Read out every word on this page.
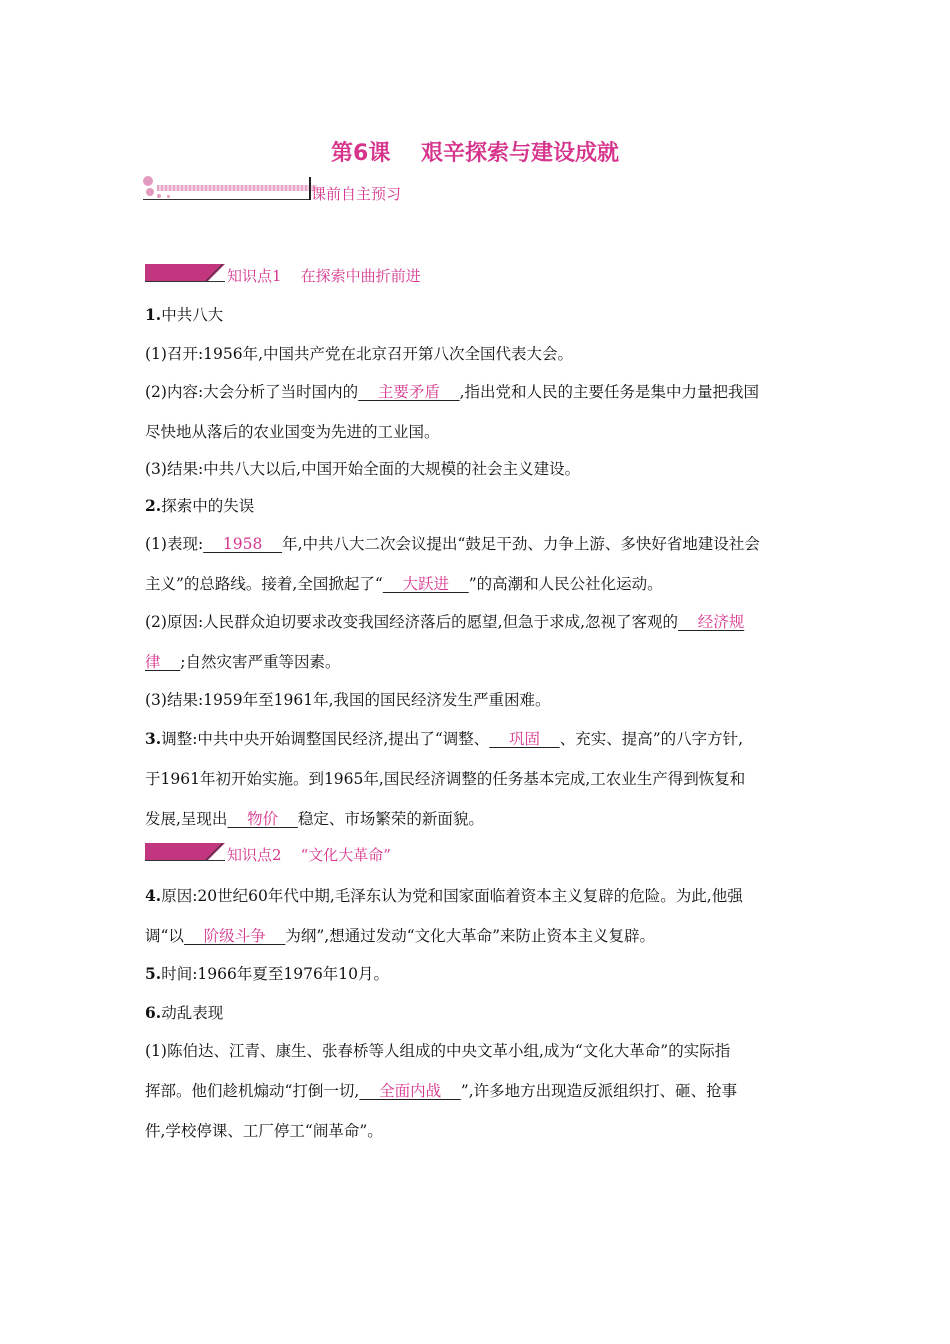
第6课    艰辛探索与建设成就
课前自主预习
知识点1    在探索中曲折前进
1.中共八大
(1)召开:1956年,中国共产党在北京召开第八次全国代表大会。
(2)内容:大会分析了当时国内的    主要矛盾    ,指出党和人民的主要任务是集中力量把我国
尽快地从落后的农业国变为先进的工业国。
(3)结果:中共八大以后,中国开始全面的大规模的社会主义建设。
2.探索中的失误
(1)表现:    1958    年,中共八大二次会议提出“鼓足干劲、力争上游、多快好省地建设社会
主义”的总路线。接着,全国掀起了“    大跃进    ”的高潮和人民公社化运动。
(2)原因:人民群众迫切要求改变我国经济落后的愿望,但急于求成,忽视了客观的    经济规
律    ;自然灾害严重等因素。
(3)结果:1959年至1961年,我国的国民经济发生严重困难。
3.调整:中共中央开始调整国民经济,提出了“调整、    巩固    、充实、提高”的八字方针,
于1961年初开始实施。到1965年,国民经济调整的任务基本完成,工农业生产得到恢复和
发展,呈现出    物价    稳定、市场繁荣的新面貌。
知识点2    “文化大革命”
4.原因:20世纪60年代中期,毛泽东认为党和国家面临着资本主义复辟的危险。为此,他强
调“以    阶级斗争    为纲”,想通过发动“文化大革命”来防止资本主义复辟。
5.时间:1966年夏至1976年10月。
6.动乱表现
(1)陈伯达、江青、康生、张春桥等人组成的中央文革小组,成为“文化大革命”的实际指
挥部。他们趁机煽动“打倒一切,    全面内战    ”,许多地方出现造反派组织打、砸、抢事
件,学校停课、工厂停工“闹革命”。
